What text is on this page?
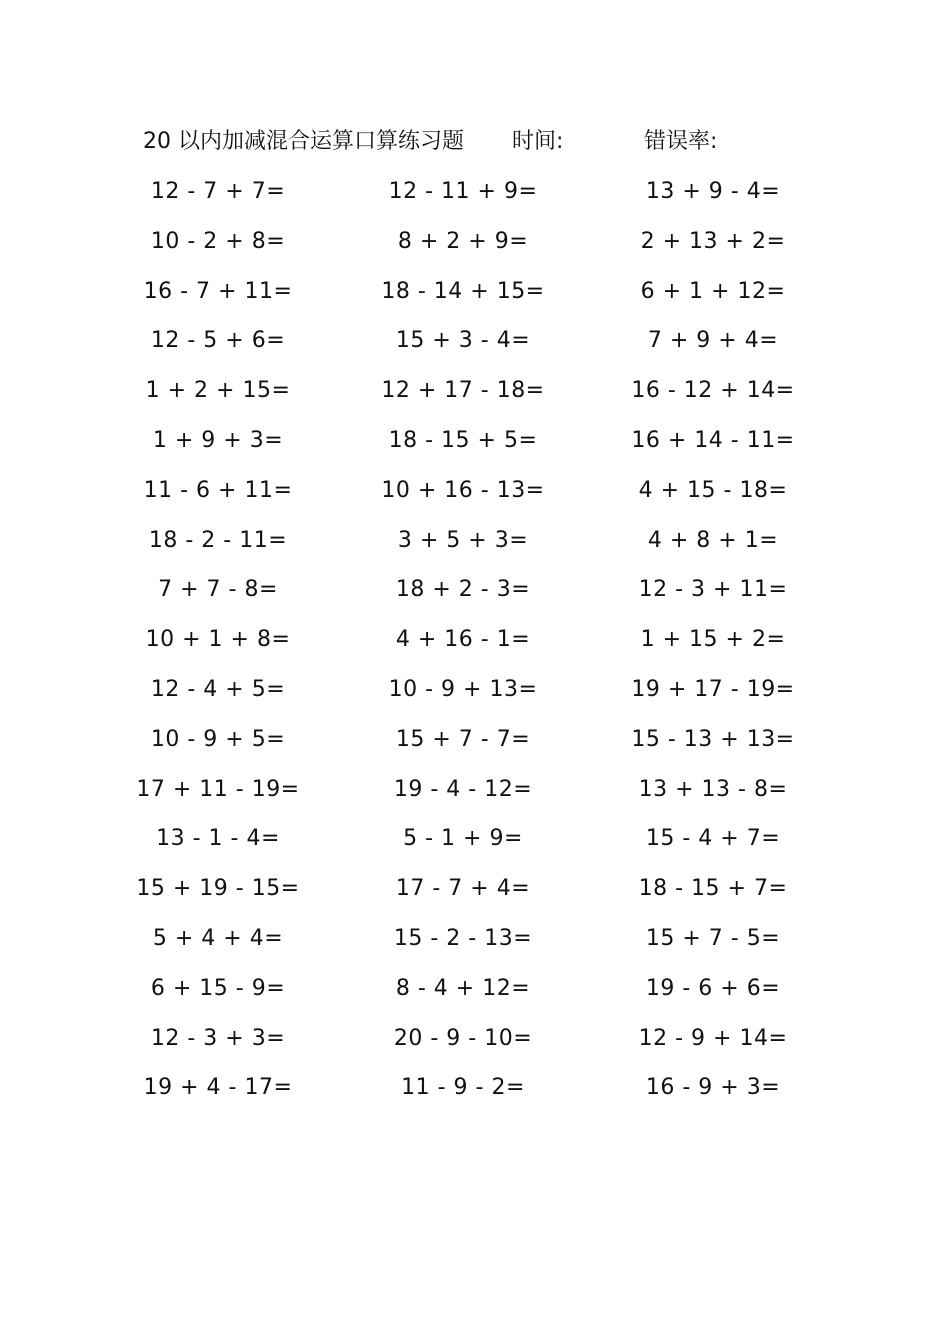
20 以内加减混合运算口算练习题 时间:	错误率:
12 - 7 + 7=	12 - 11 + 9=	13 + 9 - 4=
10 - 2 + 8=	8 + 2 + 9=	2 + 13 + 2=
16 - 7 + 11=	18 - 14 + 15=	6 + 1 + 12=
12 - 5 + 6=	15 + 3 - 4=	7 + 9 + 4=
1 + 2 + 15=	12 + 17 - 18=	16 - 12 + 14=
1 + 9 + 3=	18 - 15 + 5=	16 + 14 - 11=
11 - 6 + 11=	10 + 16 - 13=	4 + 15 - 18=
18 - 2 - 11=	3 + 5 + 3=	4 + 8 + 1=
7 + 7 - 8=	18 + 2 - 3=	12 - 3 + 11=
10 + 1 + 8=	4 + 16 - 1=	1 + 15 + 2=
12 - 4 + 5=	10 - 9 + 13=	19 + 17 - 19=
10 - 9 + 5=	15 + 7 - 7=	15 - 13 + 13=
17 + 11 - 19=	19 - 4 - 12=	13 + 13 - 8=
13 - 1 - 4=	5 - 1 + 9=	15 - 4 + 7=
15 + 19 - 15=	17 - 7 + 4=	18 - 15 + 7=
5 + 4 + 4=	15 - 2 - 13=	15 + 7 - 5=
6 + 15 - 9=	8 - 4 + 12=	19 - 6 + 6=
12 - 3 + 3=	20 - 9 - 10=	12 - 9 + 14=
19 + 4 - 17=	11 - 9 - 2=	16 - 9 + 3=
